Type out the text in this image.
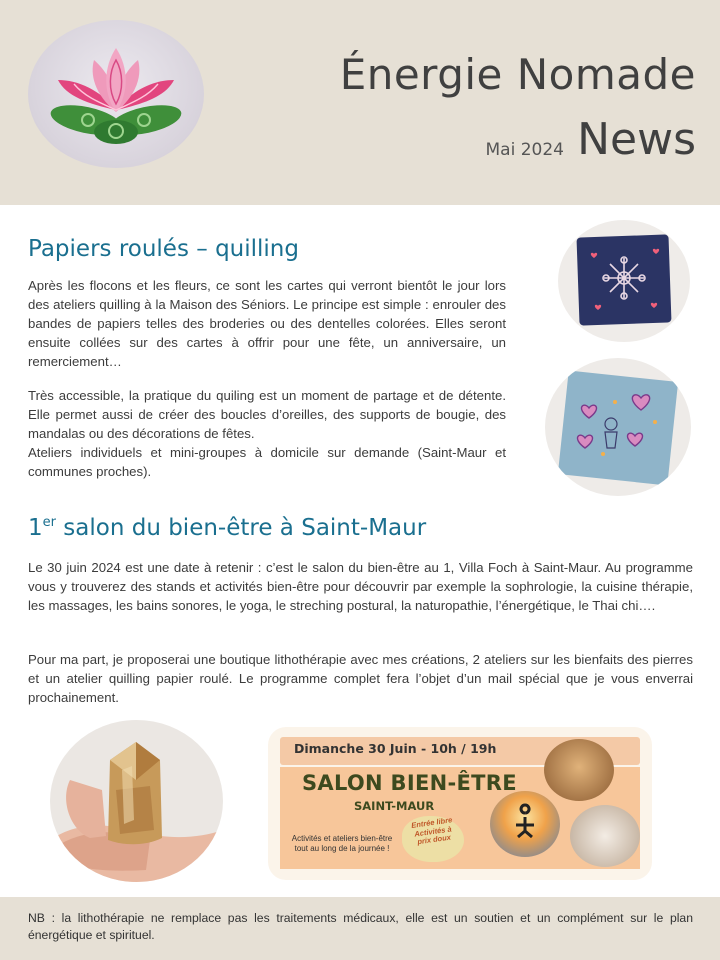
Énergie Nomade
Mai 2024 News
Papiers roulés – quilling

Après les flocons et les fleurs, ce sont les cartes qui verront bientôt le jour lors des ateliers quilling à la Maison des Séniors. Le principe est simple : enrouler des bandes de papiers telles des broderies ou des dentelles colorées. Elles seront ensuite collées sur des cartes à offrir pour une fête, un anniversaire, un remerciement…

Très accessible, la pratique du quiling est un moment de partage et de détente. Elle permet aussi de créer des boucles d’oreilles, des supports de bougie, des mandalas ou des décorations de fêtes.
Ateliers individuels et mini-groupes à domicile sur demande (Saint-Maur et communes proches).
1er salon du bien-être à Saint-Maur

Le 30 juin 2024 est une date à retenir : c’est le salon du bien-être au 1, Villa Foch à Saint-Maur. Au programme vous y trouverez des stands et activités bien-être pour découvrir par exemple la sophrologie, la cuisine thérapie, les massages, les bains sonores, le yoga, le streching postural, la naturopathie, l’énergétique, le Thai chi….

Pour ma part, je proposerai une boutique lithothérapie avec mes créations, 2 ateliers sur les bienfaits des pierres et un atelier quilling papier roulé. Le programme complet fera l’objet d’un mail spécial que je vous enverrai prochainement.

Dimanche 30 Juin - 10h / 19h
SALON BIEN-ÊTRE
SAINT-MAUR
Activités et ateliers bien-être tout au long de la journée !
Entrée libre Activités à prix doux

NB : la lithothérapie ne remplace pas les traitements médicaux, elle est un soutien et un complément sur le plan énergétique et spirituel.
